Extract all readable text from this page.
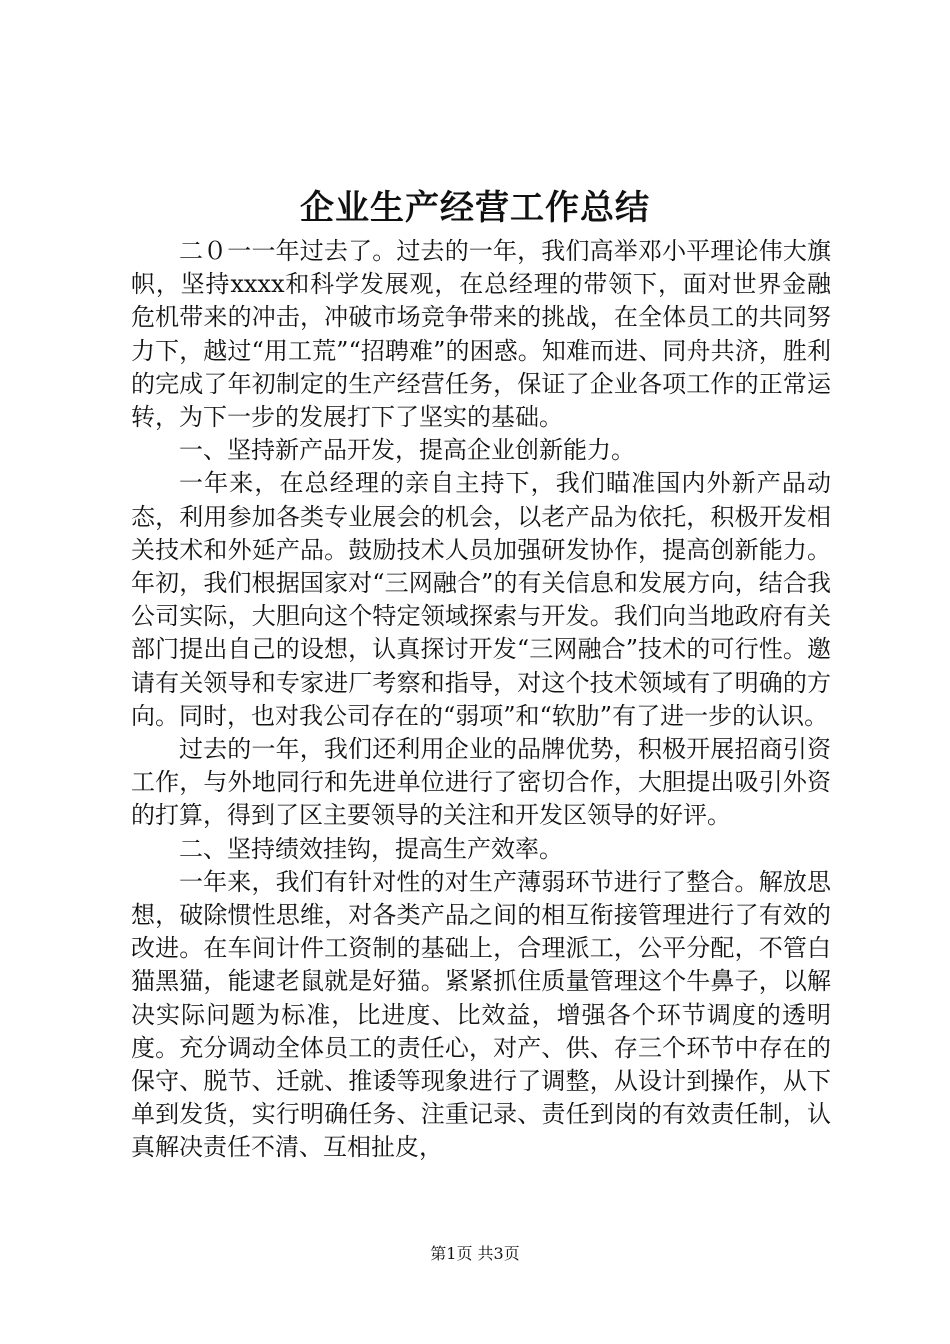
企业生产经营工作总结

二０一一年过去了。过去的一年，我们高举邓小平理论伟大旗帜，坚持xxxx和科学发展观，在总经理的带领下，面对世界金融危机带来的冲击，冲破市场竞争带来的挑战，在全体员工的共同努力下，越过“用工荒”“招聘难”的困惑。知难而进、同舟共济，胜利的完成了年初制定的生产经营任务，保证了企业各项工作的正常运转，为下一步的发展打下了坚实的基础。

一、坚持新产品开发，提高企业创新能力。

一年来，在总经理的亲自主持下，我们瞄准国内外新产品动态，利用参加各类专业展会的机会，以老产品为依托，积极开发相关技术和外延产品。鼓励技术人员加强研发协作，提高创新能力。年初，我们根据国家对“三网融合”的有关信息和发展方向，结合我公司实际，大胆向这个特定领域探索与开发。我们向当地政府有关部门提出自己的设想，认真探讨开发“三网融合”技术的可行性。邀请有关领导和专家进厂考察和指导，对这个技术领域有了明确的方向。同时，也对我公司存在的“弱项”和“软肋”有了进一步的认识。

过去的一年，我们还利用企业的品牌优势，积极开展招商引资工作，与外地同行和先进单位进行了密切合作，大胆提出吸引外资的打算，得到了区主要领导的关注和开发区领导的好评。

二、坚持绩效挂钩，提高生产效率。

一年来，我们有针对性的对生产薄弱环节进行了整合。解放思想，破除惯性思维，对各类产品之间的相互衔接管理进行了有效的改进。在车间计件工资制的基础上，合理派工，公平分配，不管白猫黑猫，能逮老鼠就是好猫。紧紧抓住质量管理这个牛鼻子，以解决实际问题为标准，比进度、比效益，增强各个环节调度的透明度。充分调动全体员工的责任心，对产、供、存三个环节中存在的保守、脱节、迁就、推诿等现象进行了调整，从设计到操作，从下单到发货，实行明确任务、注重记录、责任到岗的有效责任制，认真解决责任不清、互相扯皮，

第1页 共3页
